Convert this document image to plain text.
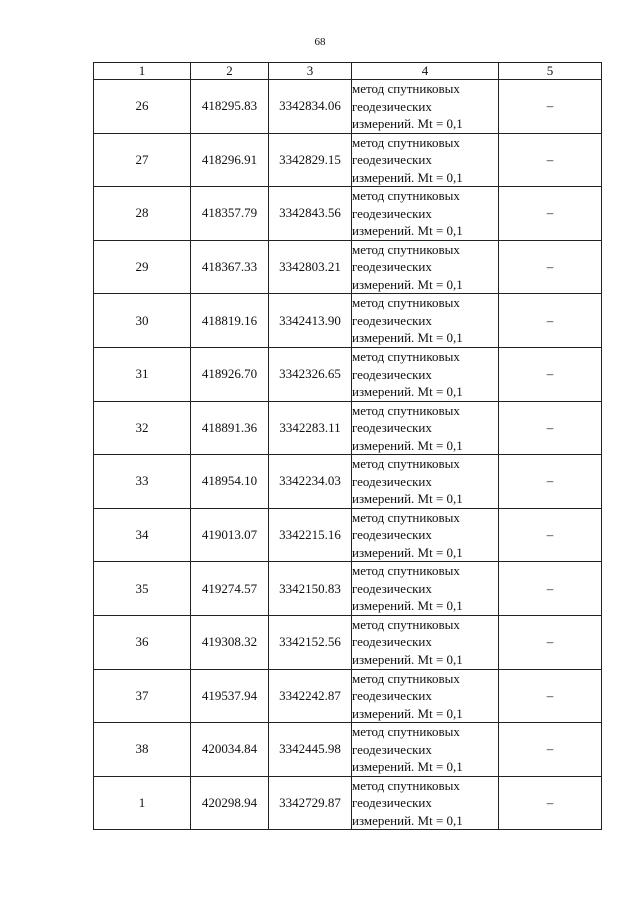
68
1	2	3	4	5
26	418295.83	3342834.06	метод спутниковых
геодезических
измерений. Mt = 0,1	–
27	418296.91	3342829.15	метод спутниковых
геодезических
измерений. Mt = 0,1	–
28	418357.79	3342843.56	метод спутниковых
геодезических
измерений. Mt = 0,1	–
29	418367.33	3342803.21	метод спутниковых
геодезических
измерений. Mt = 0,1	–
30	418819.16	3342413.90	метод спутниковых
геодезических
измерений. Mt = 0,1	–
31	418926.70	3342326.65	метод спутниковых
геодезических
измерений. Mt = 0,1	–
32	418891.36	3342283.11	метод спутниковых
геодезических
измерений. Mt = 0,1	–
33	418954.10	3342234.03	метод спутниковых
геодезических
измерений. Mt = 0,1	–
34	419013.07	3342215.16	метод спутниковых
геодезических
измерений. Mt = 0,1	–
35	419274.57	3342150.83	метод спутниковых
геодезических
измерений. Mt = 0,1	–
36	419308.32	3342152.56	метод спутниковых
геодезических
измерений. Mt = 0,1	–
37	419537.94	3342242.87	метод спутниковых
геодезических
измерений. Mt = 0,1	–
38	420034.84	3342445.98	метод спутниковых
геодезических
измерений. Mt = 0,1	–
1	420298.94	3342729.87	метод спутниковых
геодезических
измерений. Mt = 0,1	–
